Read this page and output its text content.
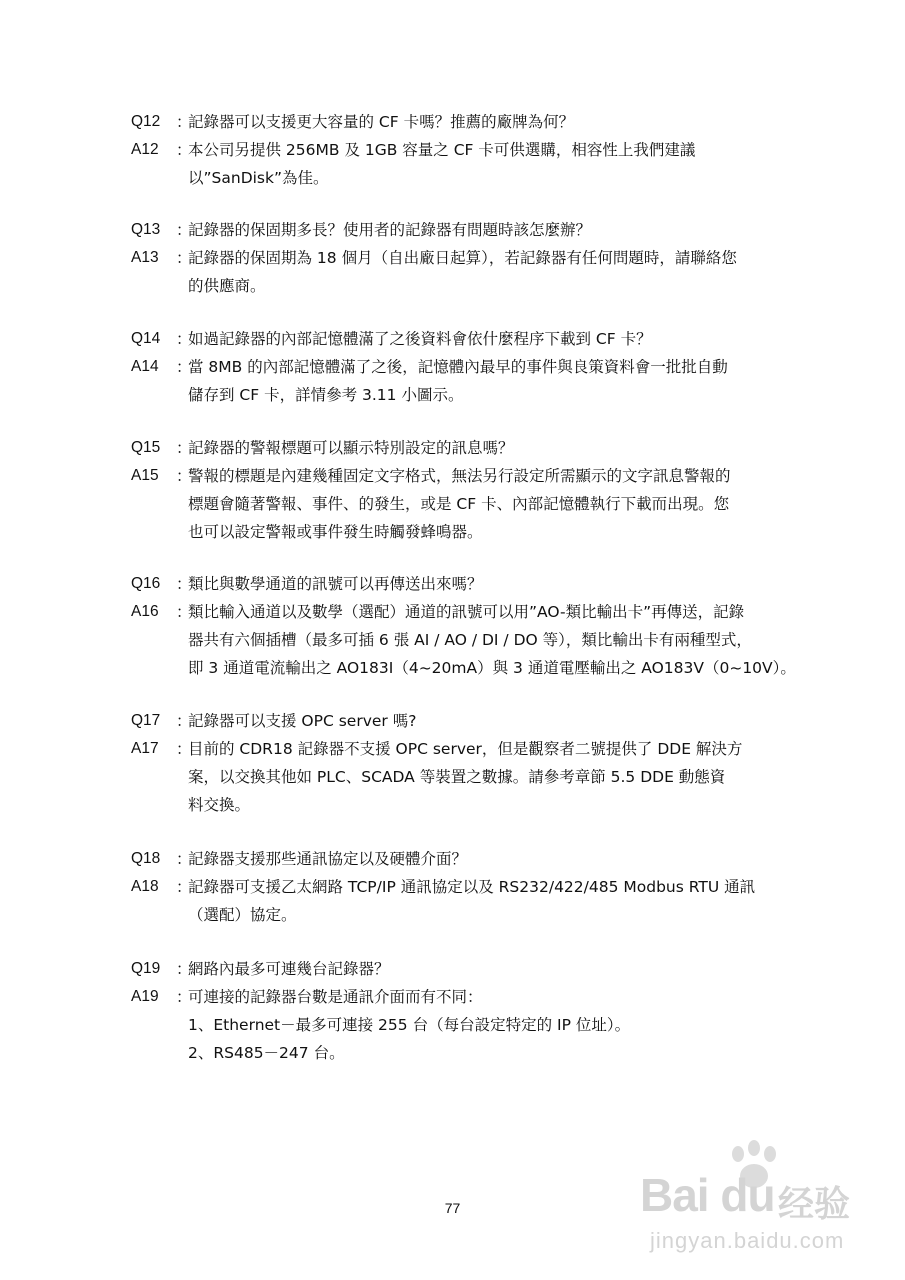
Q12	：
記錄器可以支援更大容量的 CF 卡嗎？推薦的廠牌為何？
A12	：
本公司另提供 256MB 及 1GB 容量之 CF 卡可供選購，相容性上我們建議
以”SanDisk”為佳。
Q13	：
記錄器的保固期多長？使用者的記錄器有問題時該怎麼辦？
A13	：
記錄器的保固期為 18 個月（自出廠日起算），若記錄器有任何問題時，請聯絡您
的供應商。
Q14	：
如過記錄器的內部記憶體滿了之後資料會依什麼程序下載到 CF 卡？
A14	：
當 8MB 的內部記憶體滿了之後，記憶體內最早的事件與良策資料會一批批自動
儲存到 CF 卡，詳情參考 3.11 小圖示。
Q15	：
記錄器的警報標題可以顯示特別設定的訊息嗎？
A15	：
警報的標題是內建幾種固定文字格式，無法另行設定所需顯示的文字訊息警報的
標題會隨著警報、事件、的發生，或是 CF 卡、內部記憶體執行下載而出現。您
也可以設定警報或事件發生時觸發蜂鳴器。
Q16	：
類比與數學通道的訊號可以再傳送出來嗎？
A16	：
類比輸入通道以及數學（選配）通道的訊號可以用”AO-類比輸出卡”再傳送，記錄
器共有六個插槽（最多可插 6 張 AI / AO / DI / DO 等），類比輸出卡有兩種型式，
即 3 通道電流輸出之 AO183I（4~20mA）與 3 通道電壓輸出之 AO183V（0~10V）。
Q17	：
記錄器可以支援 OPC server 嗎?
A17	：
目前的 CDR18 記錄器不支援 OPC server，但是觀察者二號提供了 DDE 解決方
案，以交換其他如 PLC、SCADA 等裝置之數據。請參考章節 5.5 DDE 動態資
料交換。
Q18	：
記錄器支援那些通訊協定以及硬體介面？
A18	：
記錄器可支援乙太網路 TCP/IP 通訊協定以及 RS232/422/485 Modbus RTU 通訊
（選配）協定。
Q19	：
網路內最多可連幾台記錄器？
A19	：
可連接的記錄器台數是通訊介面而有不同：
1、Ethernet－最多可連接 255 台（每台設定特定的 IP 位址）。
2、RS485－247 台。
77	Bai du 经验
jingyan.baidu.com
